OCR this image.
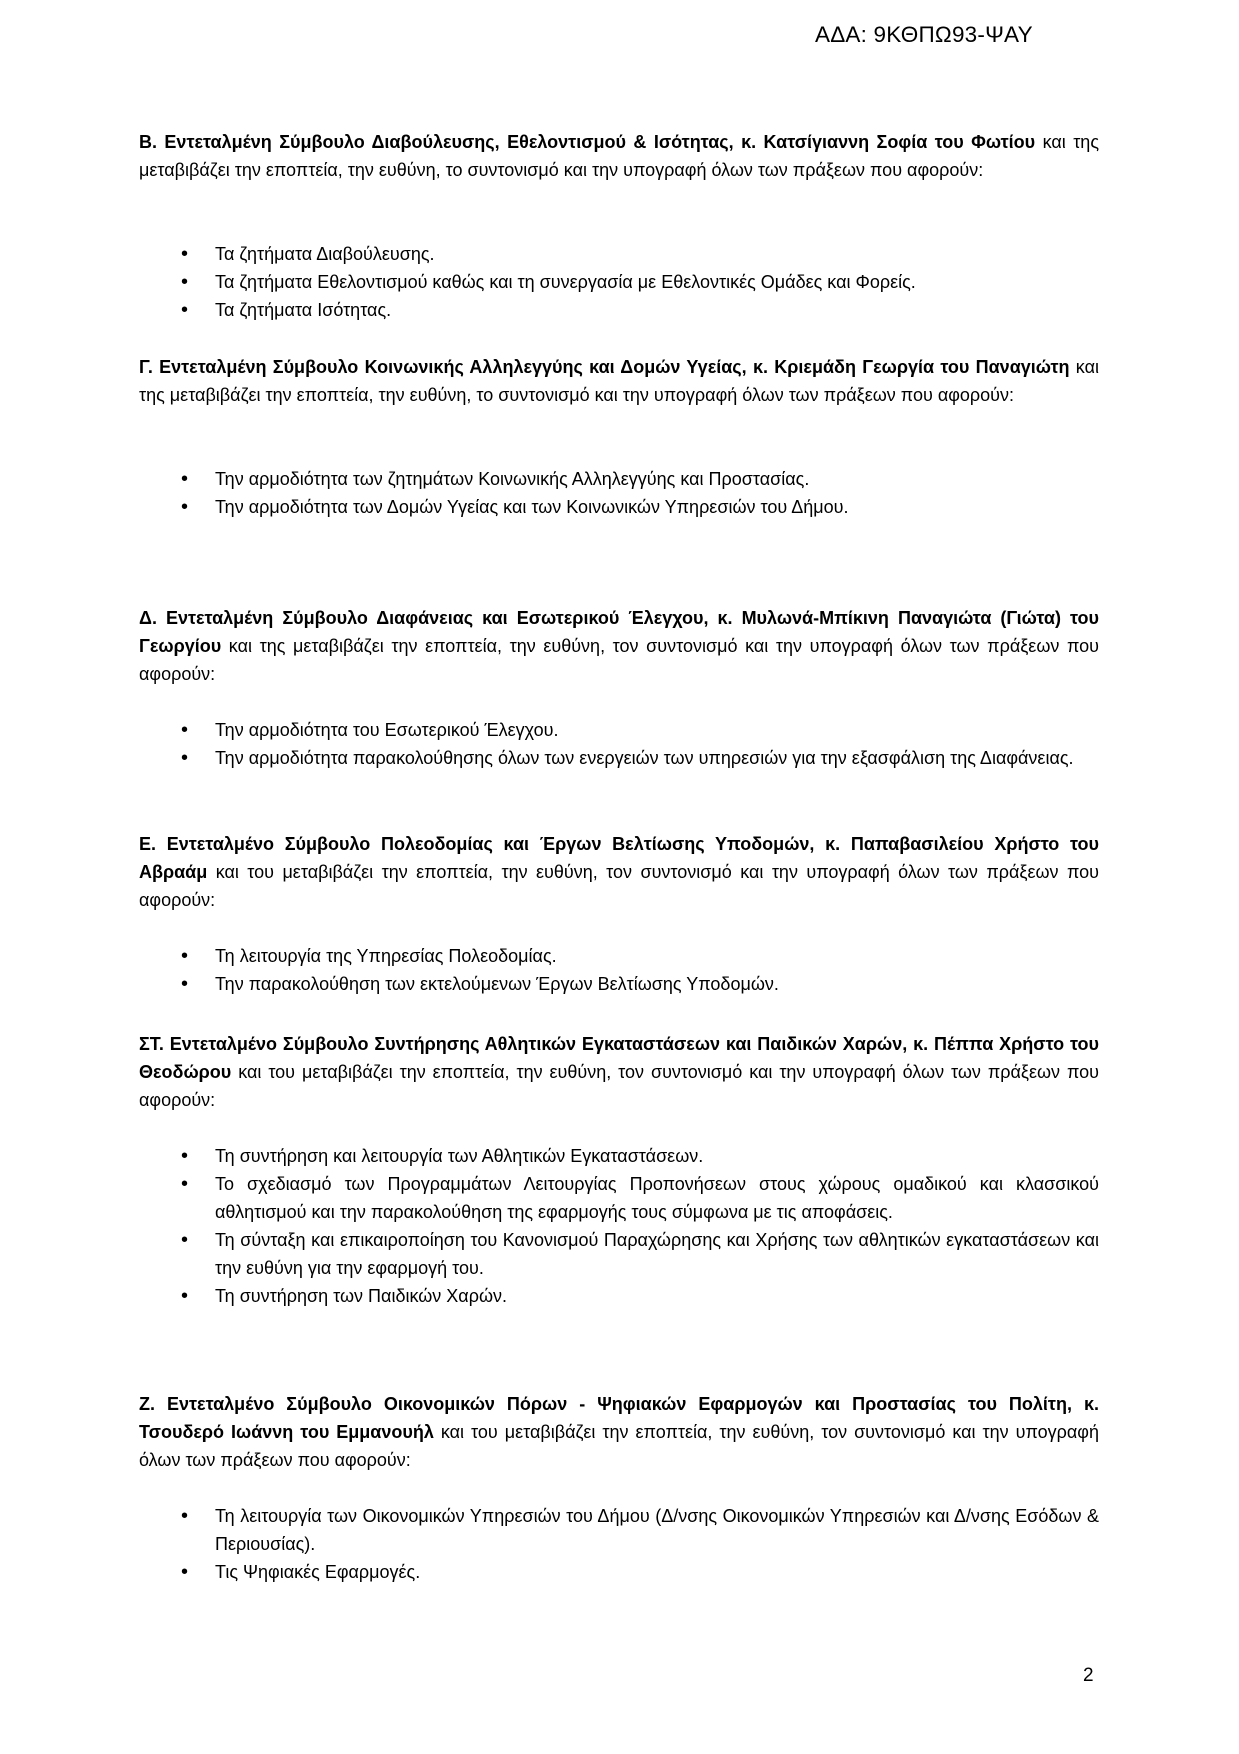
ΑΔΑ: 9ΚΘΠΩ93-ΨΑΥ
Β. Εντεταλμένη Σύμβουλο Διαβούλευσης, Εθελοντισμού & Ισότητας, κ. Κατσίγιαννη Σοφία του Φωτίου και της μεταβιβάζει την εποπτεία, την ευθύνη, το συντονισμό και την υπογραφή όλων των πράξεων που αφορούν:
• Τα ζητήματα Διαβούλευσης.
• Τα ζητήματα Εθελοντισμού καθώς και τη συνεργασία με Εθελοντικές Ομάδες και Φορείς.
• Τα ζητήματα Ισότητας.
Γ. Εντεταλμένη Σύμβουλο Κοινωνικής Αλληλεγγύης και Δομών Υγείας, κ. Κριεμάδη Γεωργία του Παναγιώτη και της μεταβιβάζει την εποπτεία, την ευθύνη, το συντονισμό και την υπογραφή όλων των πράξεων που αφορούν:
• Την αρμοδιότητα των ζητημάτων Κοινωνικής Αλληλεγγύης και Προστασίας.
• Την αρμοδιότητα των Δομών Υγείας και των Κοινωνικών Υπηρεσιών του Δήμου.
Δ. Εντεταλμένη Σύμβουλο Διαφάνειας και Εσωτερικού Έλεγχου, κ. Μυλωνά-Μπίκινη Παναγιώτα (Γιώτα) του Γεωργίου και της μεταβιβάζει την εποπτεία, την ευθύνη, τον συντονισμό και την υπογραφή όλων των πράξεων που αφορούν:
• Την αρμοδιότητα του Εσωτερικού Έλεγχου.
• Την αρμοδιότητα παρακολούθησης όλων των ενεργειών των υπηρεσιών για την εξασφάλιση της Διαφάνειας.
Ε. Εντεταλμένο Σύμβουλο Πολεοδομίας και Έργων Βελτίωσης Υποδομών, κ. Παπαβασιλείου Χρήστο του Αβραάμ και του μεταβιβάζει την εποπτεία, την ευθύνη, τον συντονισμό και την υπογραφή όλων των πράξεων που αφορούν:
• Τη λειτουργία της Υπηρεσίας Πολεοδομίας.
• Την παρακολούθηση των εκτελούμενων Έργων Βελτίωσης Υποδομών.
ΣΤ. Εντεταλμένο Σύμβουλο Συντήρησης Αθλητικών Εγκαταστάσεων και Παιδικών Χαρών, κ. Πέππα Χρήστο του Θεοδώρου και του μεταβιβάζει την εποπτεία, την ευθύνη, τον συντονισμό και την υπογραφή όλων των πράξεων που αφορούν:
• Τη συντήρηση και λειτουργία των Αθλητικών Εγκαταστάσεων.
• Το σχεδιασμό των Προγραμμάτων Λειτουργίας Προπονήσεων στους χώρους ομαδικού και κλασσικού αθλητισμού και την παρακολούθηση της εφαρμογής τους σύμφωνα με τις αποφάσεις.
• Τη σύνταξη και επικαιροποίηση του Κανονισμού Παραχώρησης και Χρήσης των αθλητικών εγκαταστάσεων και την ευθύνη για την εφαρμογή του.
• Τη συντήρηση των Παιδικών Χαρών.
Ζ. Εντεταλμένο Σύμβουλο Οικονομικών Πόρων - Ψηφιακών Εφαρμογών και Προστασίας του Πολίτη, κ. Τσουδερό Ιωάννη του Εμμανουήλ και του μεταβιβάζει την εποπτεία, την ευθύνη, τον συντονισμό και την υπογραφή όλων των πράξεων που αφορούν:
• Τη λειτουργία των Οικονομικών Υπηρεσιών του Δήμου (Δ/νσης Οικονομικών Υπηρεσιών και Δ/νσης Εσόδων & Περιουσίας).
• Τις Ψηφιακές Εφαρμογές.
2
